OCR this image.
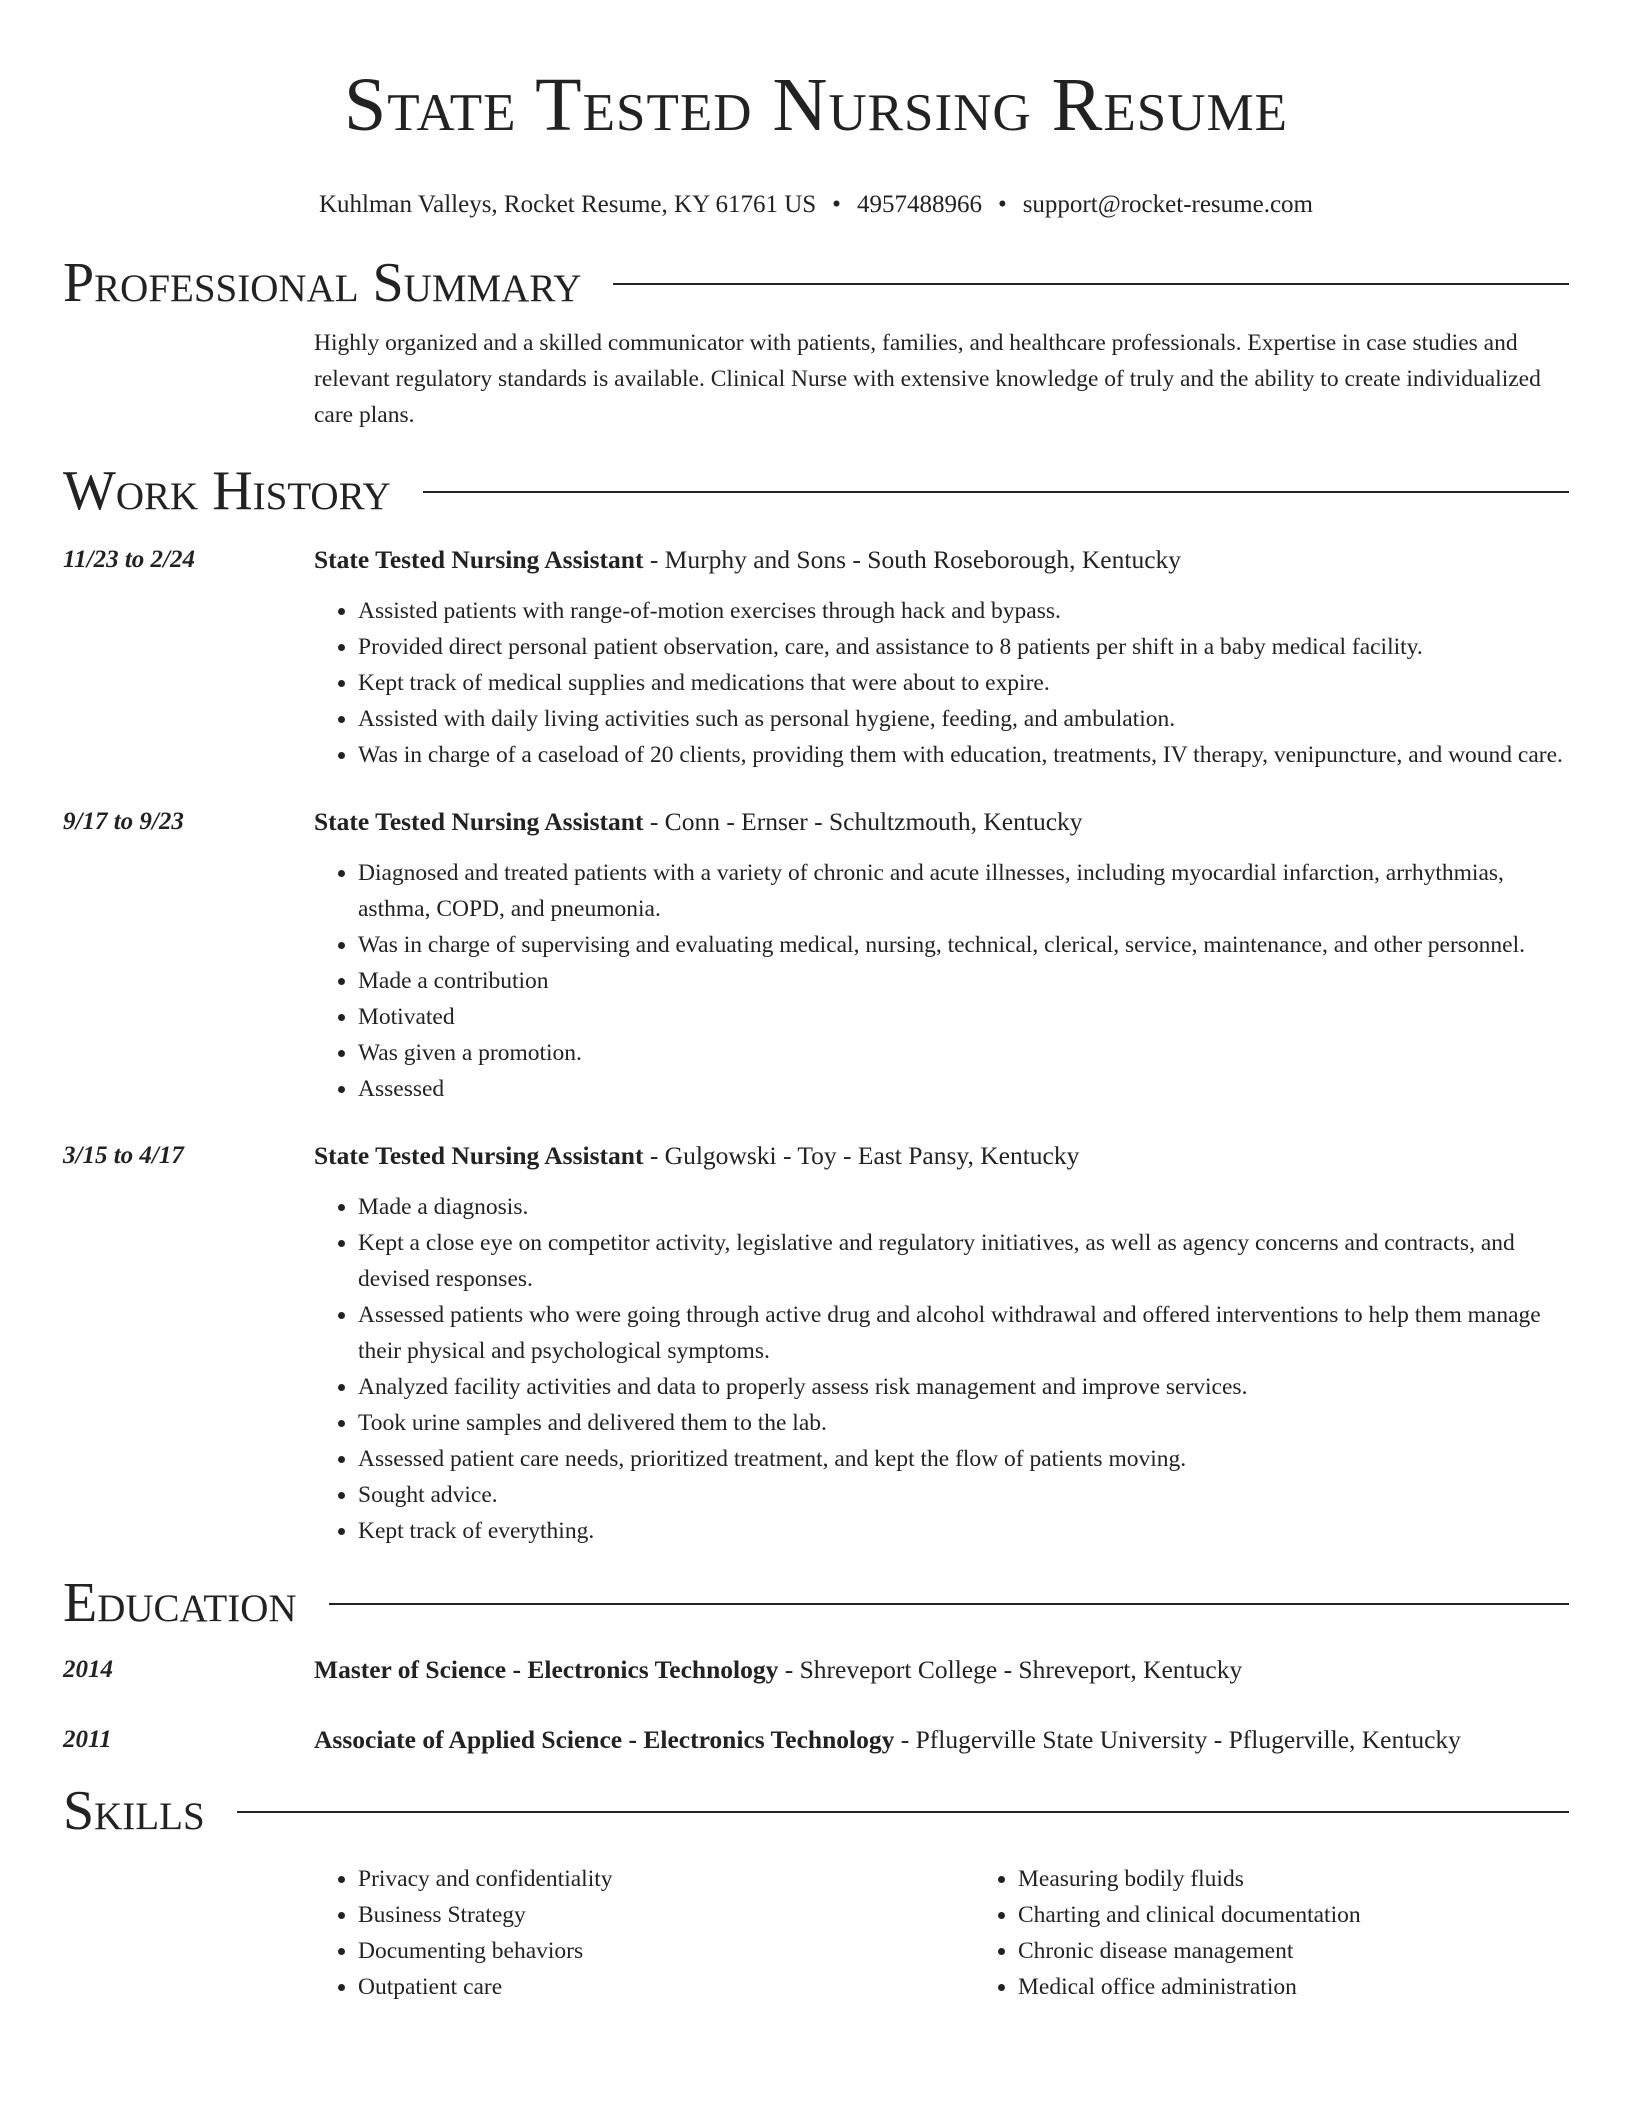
State Tested Nursing Resume
Kuhlman Valleys, Rocket Resume, KY 61761 US • 4957488966 • support@rocket-resume.com
Professional Summary
Highly organized and a skilled communicator with patients, families, and healthcare professionals. Expertise in case studies and relevant regulatory standards is available. Clinical Nurse with extensive knowledge of truly and the ability to create individualized care plans.
Work History
11/23 to 2/24	State Tested Nursing Assistant - Murphy and Sons - South Roseborough, Kentucky
• Assisted patients with range-of-motion exercises through hack and bypass.
• Provided direct personal patient observation, care, and assistance to 8 patients per shift in a baby medical facility.
• Kept track of medical supplies and medications that were about to expire.
• Assisted with daily living activities such as personal hygiene, feeding, and ambulation.
• Was in charge of a caseload of 20 clients, providing them with education, treatments, IV therapy, venipuncture, and wound care.
9/17 to 9/23	State Tested Nursing Assistant - Conn - Ernser - Schultzmouth, Kentucky
• Diagnosed and treated patients with a variety of chronic and acute illnesses, including myocardial infarction, arrhythmias, asthma, COPD, and pneumonia.
• Was in charge of supervising and evaluating medical, nursing, technical, clerical, service, maintenance, and other personnel.
• Made a contribution
• Motivated
• Was given a promotion.
• Assessed
3/15 to 4/17	State Tested Nursing Assistant - Gulgowski - Toy - East Pansy, Kentucky
• Made a diagnosis.
• Kept a close eye on competitor activity, legislative and regulatory initiatives, as well as agency concerns and contracts, and devised responses.
• Assessed patients who were going through active drug and alcohol withdrawal and offered interventions to help them manage their physical and psychological symptoms.
• Analyzed facility activities and data to properly assess risk management and improve services.
• Took urine samples and delivered them to the lab.
• Assessed patient care needs, prioritized treatment, and kept the flow of patients moving.
• Sought advice.
• Kept track of everything.
Education
2014	Master of Science - Electronics Technology - Shreveport College - Shreveport, Kentucky
2011	Associate of Applied Science - Electronics Technology - Pflugerville State University - Pflugerville, Kentucky
Skills
• Privacy and confidentiality
• Business Strategy
• Documenting behaviors
• Outpatient care
• Measuring bodily fluids
• Charting and clinical documentation
• Chronic disease management
• Medical office administration
